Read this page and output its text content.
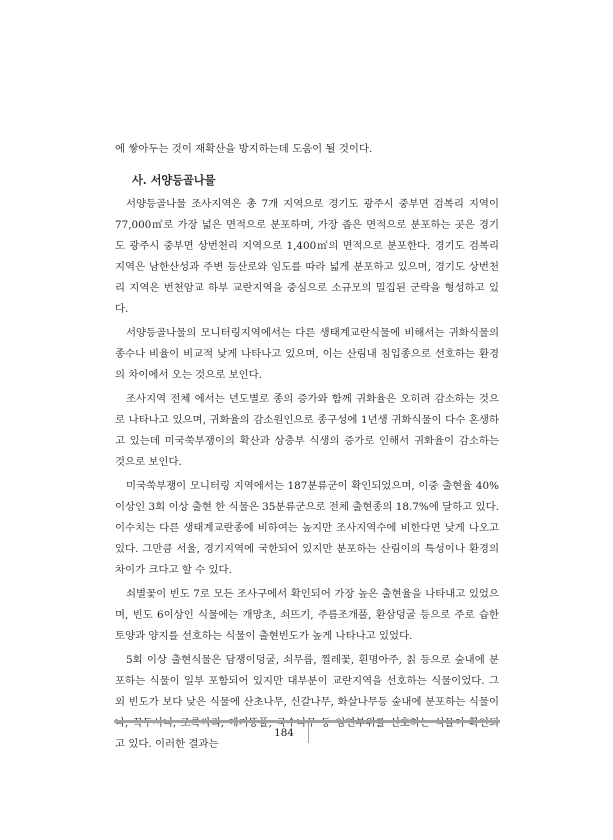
에 쌓아두는 것이 재확산을 방지하는데 도움이 될 것이다.

사. 서양등골나물

서양등골나물 조사지역은 총 7개 지역으로 경기도 광주시 중부면 검복리 지역이 77,000㎡로 가장 넓은 면적으로 분포하며, 가장 좁은 면적으로 분포하는 곳은 경기도 광주시 중부면 상번천리 지역으로 1,400㎡의 면적으로 분포한다. 경기도 검복리 지역은 남한산성과 주변 등산로와 임도를 따라 넓게 분포하고 있으며, 경기도 상번천리 지역은 번천암교 하부 교란지역을 중심으로 소규모의 밀집된 군락을 형성하고 있다.

서양등골나물의 모니터링지역에서는 다른 생태계교란식물에 비해서는 귀화식물의 종수나 비율이 비교적 낮게 나타나고 있으며, 이는 산림내 침입종으로 선호하는 환경의 차이에서 오는 것으로 보인다.

조사지역 전체 에서는 년도별로 종의 증가와 함께 귀화율은 오히려 감소하는 것으로 나타나고 있으며, 귀화율의 감소원인으로 종구성에 1년생 귀화식물이 다수 혼생하고 있는데 미국쑥부쟁이의 확산과 상층부 식생의 증가로 인해서 귀화율이 감소하는 것으로 보인다.

미국쑥부쟁이 모니터링 지역에서는 187분류군이 확인되었으며, 이중 출현율 40%이상인 3회 이상 출현 한 식물은 35분류군으로 전체 출현종의 18.7%에 달하고 있다. 이수치는 다른 생태계교란종에 비하여는 높지만 조사지역수에 비한다면 낮게 나오고 있다. 그만큼 서울, 경기지역에 국한되어 있지만 분포하는 산림이의 특성이나 환경의 차이가 크다고 할 수 있다.

쇠별꽃이 빈도 7로 모든 조사구에서 확인되어 가장 높은 출현율을 나타내고 있었으며, 빈도 6이상인 식물에는 개망초, 쇠뜨기, 주름조개풀, 환삼덩굴 등으로 주로 습한 토양과 양지를 선호하는 식물이 출현빈도가 높게 나타나고 있었다.

5회 이상 출현식물은 담쟁이덩굴, 쇠무릅, 찔레꽃, 흰명아주, 칡 등으로 숲내에 분포하는 식물이 일부 포함되어 있지만 대부분이 교란지역을 선호하는 식물이었다. 그 외 빈도가 보다 낮은 식물에 산초나무, 신갈나무, 화살나무등 숲내에 분포하는 식물이나, 꼭두서니, 조록싸리, 애기똥풀, 국수나무 등 임연부위를 선호하는 식물이 확인되고 있다. 이러한 결과는

184
